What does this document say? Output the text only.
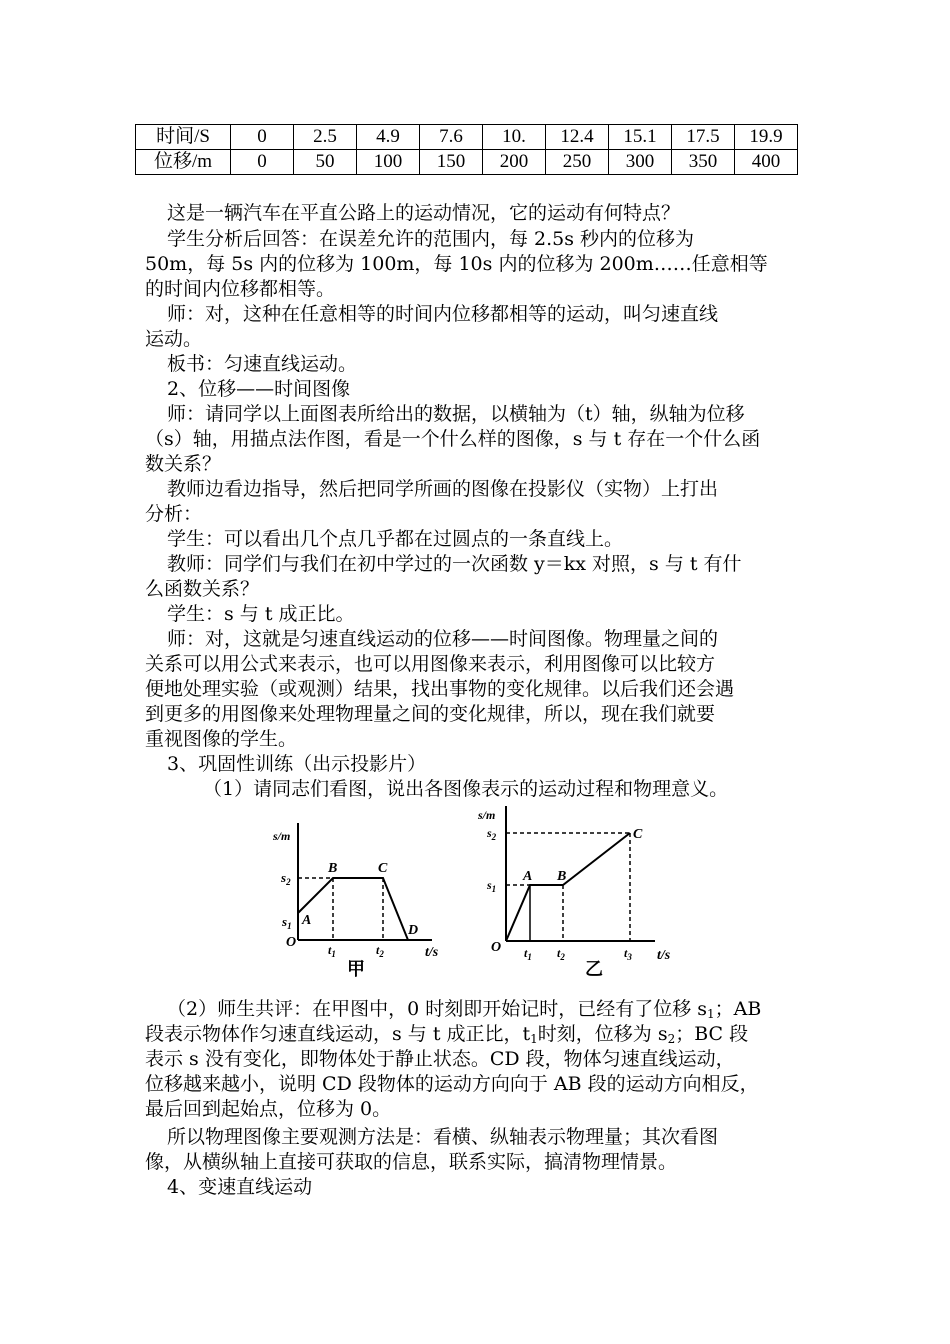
时间/S	0	2.5	4.9	7.6	10.	12.4	15.1	17.5	19.9
位移/m	0	50	100	150	200	250	300	350	400
这是一辆汽车在平直公路上的运动情况，它的运动有何特点？
学生分析后回答：在误差允许的范围内，每 2.5s 秒内的位移为
50m，每 5s 内的位移为 100m，每 10s 内的位移为 200m……任意相等
的时间内位移都相等。
师：对，这种在任意相等的时间内位移都相等的运动，叫匀速直线
运动。
板书：匀速直线运动。
2、位移——时间图像
师：请同学以上面图表所给出的数据，以横轴为（t）轴，纵轴为位移
（s）轴，用描点法作图，看是一个什么样的图像，s 与 t 存在一个什么函
数关系？
教师边看边指导，然后把同学所画的图像在投影仪（实物）上打出
分析：
学生：可以看出几个点几乎都在过圆点的一条直线上。
教师：同学们与我们在初中学过的一次函数 y＝kx 对照，s 与 t 有什
么函数关系？
学生：s 与 t 成正比。
师：对，这就是匀速直线运动的位移——时间图像。物理量之间的
关系可以用公式来表示，也可以用图像来表示，利用图像可以比较方
便地处理实验（或观测）结果，找出事物的变化规律。以后我们还会遇
到更多的用图像来处理物理量之间的变化规律，所以，现在我们就要
重视图像的学生。
3、巩固性训练（出示投影片）
（1）请同志们看图，说出各图像表示的运动过程和物理意义。
s/m
$s_2$
$s_1$
O
A
B	C
D
$t_1$	$t_2$	t/s
甲
s/m
$s_2$
$s_1$
O
A B
C
$t_1$ $t_2$	$t_3$ t/s
乙
（2）师生共评：在甲图中，0 时刻即开始记时，已经有了位移 $s_1$；AB
段表示物体作匀速直线运动，s 与 t 成正比，$t_1$时刻，位移为 $s_2$；BC 段
表示 s 没有变化，即物体处于静止状态。CD 段，物体匀速直线运动，
位移越来越小，说明 CD 段物体的运动方向向于 AB 段的运动方向相反，
最后回到起始点，位移为 0。
所以物理图像主要观测方法是：看横、纵轴表示物理量；其次看图
像，从横纵轴上直接可获取的信息，联系实际，搞清物理情景。
4、变速直线运动
